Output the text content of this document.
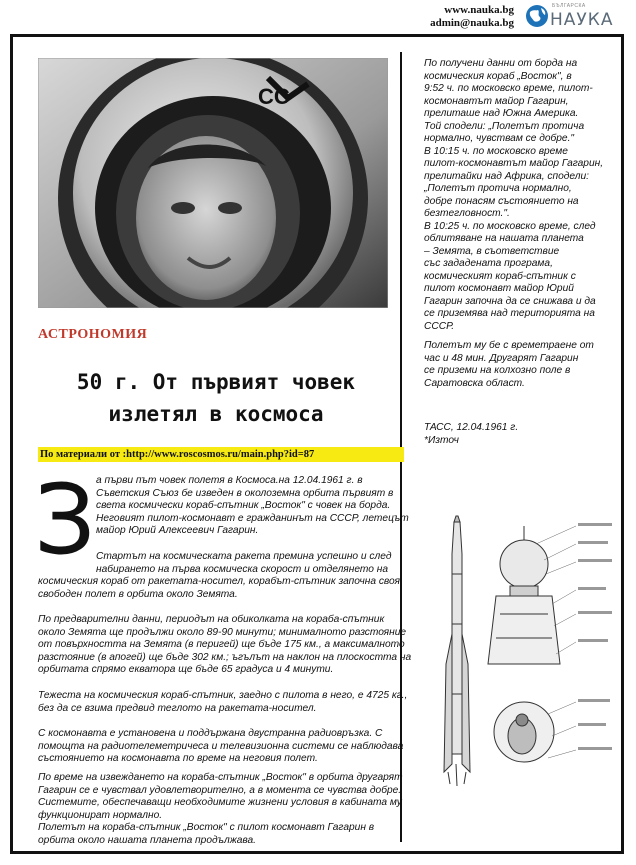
www.nauka.bg
admin@nauka.bg
БЪЛГАРСКА
НАУКА
СС
АСТРОНОМИЯ
50 г. От първият човек
излетял в космоса
По материали от :http://www.roscosmos.ru/main.php?id=87
З а първи път човек полетя в Космоса.на 12.04.1961 г. в
Съветския Съюз бе изведен в околоземна орбита първият в
света космически кораб-спътник „Восток" с човек на борда.
Неговият пилот-космонавт е гражданинът на СССР, летецът
майор Юрий Алексеевич Гагарин.
Стартът на космическата ракета премина успешно и след
набирането на първа космическа скорост и отделянето на
космическия кораб от ракетата-носител, корабът-спътник започна своя
свободен полет в орбита около Земята.
По предварителни данни, периодът на обиколката на кораба-спътник
около Земята ще продължи около 89-90 минути; минималното разстояние
от повърхността на Земята (в перигей) ще бъде 175 км., а максималното
разстояние (в апогей) ще бъде 302 км.; ъгълът на наклон на плоскостта на
орбитата спрямо екватора ще бъде 65 градуса и 4 минути.
Тежеста на космическия кораб-спътник, заедно с пилота в него, е 4725 кг.,
без да се взима предвид теглото на ракетата-носител.
С космонавта е установена и поддържана двустранна радиовръзка. С
помощта на радиотелеметричеса и телевизионна системи се наблюдава
състоянието на космонавта по време на неговия полет.
По време на извеждането на кораба-спътник „Восток" в орбита другарят
Гагарин се е чувствал удовлетворително, а в момента се чувства добре.
Системите, обеспечаващи необходимите жизнени условия в кабината му
функционират нормално.
Полетът на кораба-спътник „Восток" с пилот космонавт Гагарин в
орбита около нашата планета продължава.
По получени данни от борда на
космическия кораб „Восток", в
9:52 ч. по московско време, пилот-
космонавтът майор Гагарин,
прелиташе над Южна Америка.
Той сподели: „Полетът протича
нормално, чувствам се добре."
В 10:15 ч. по московско време
пилот-космонавтът майор Гагарин,
прелитайки над Африка, сподели:
„Полетът протича нормално,
добре понасям състоянието на
безтегловност.".
В 10:25 ч. по московско време, след
облитяване на нашата планета
– Земята, в съответствие
със зададената програма,
космическият кораб-спътник с
пилот космонавт майор Юрий
Гагарин започна да се снижава и да
се приземява над територията на
СССР.
Полетът му бе с времетраене от
час и 48 мин. Другарят Гагарин
се приземи на колхозно поле в
Саратовска област.
ТАСС, 12.04.1961 г.
*Източ
